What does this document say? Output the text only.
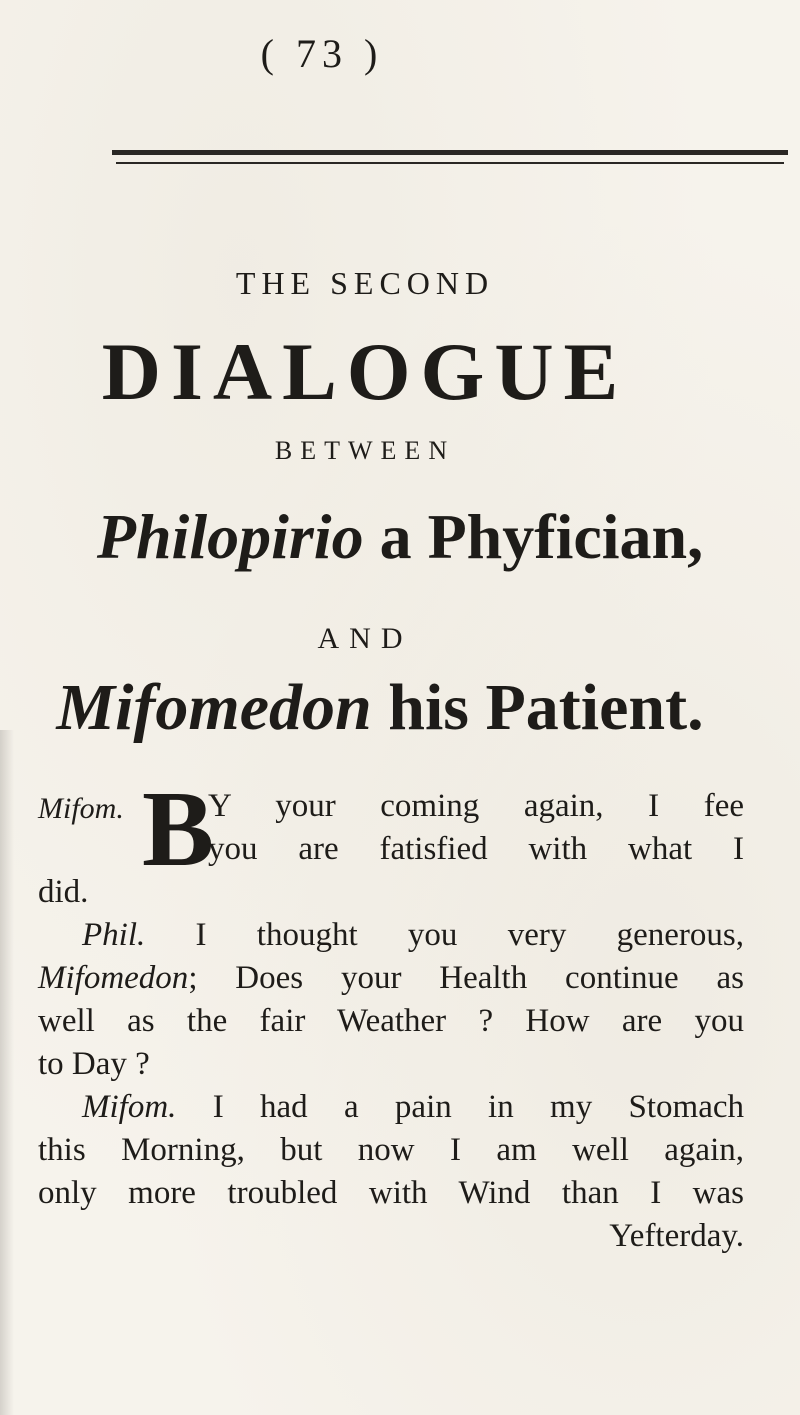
( 73 )
THE SECOND
DIALOGUE
BETWEEN
Philopirio a Phyfician,
AND
Mifomedon his Patient.
Mifom. B
Y your coming again, I fee
you are fatisfied with what I
did.
Phil. I thought you very generous,
Mifomedon; Does your Health continue as
well as the fair Weather ? How are you
to Day ?
Mifom. I had a pain in my Stomach
this Morning, but now I am well again,
only more troubled with Wind than I was
Yefterday.
